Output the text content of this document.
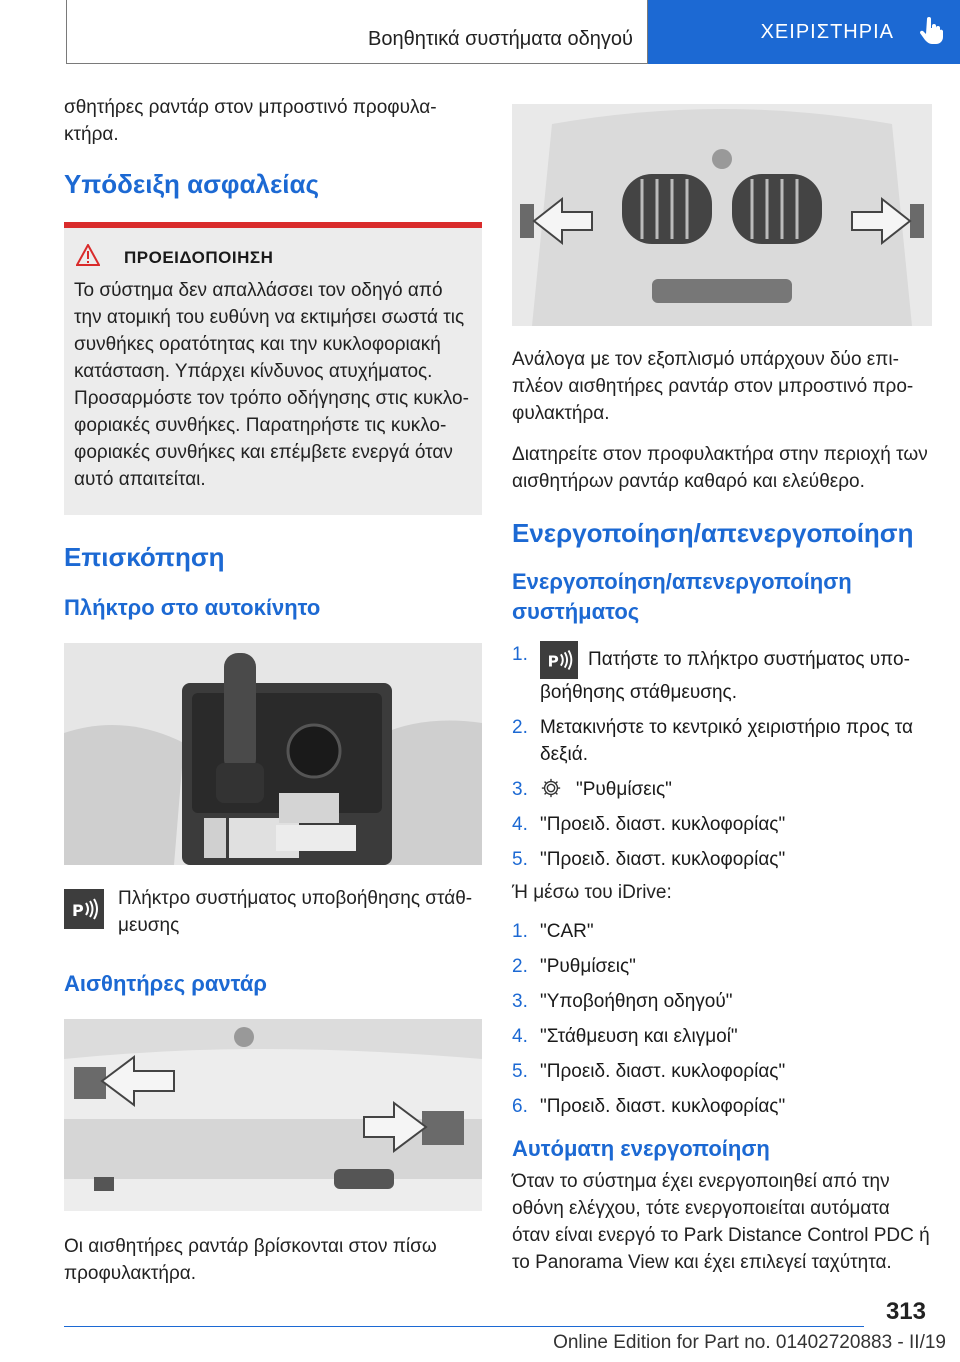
Βοηθητικά συστήματα οδηγού	ΧΕΙΡΙΣΤΗΡΙΑ

σθητήρες ραντάρ στον μπροστινό προφυλακτήρα.

Υπόδειξη ασφαλείας
ΠΡΟΕΙΔΟΠΟΙΗΣΗ

Το σύστημα δεν απαλλάσσει τον οδηγό από την ατομική του ευθύνη να εκτιμήσει σωστά τις συνθήκες ορατότητας και την κυκλοφοριακή κατάσταση. Υπάρχει κίνδυνος ατυχήματος. Προσαρμόστε τον τρόπο οδήγησης στις κυκλοφοριακές συνθήκες. Παρατηρήστε τις κυκλοφοριακές συνθήκες και επέμβετε ενεργά όταν αυτό απαιτείται.

Επισκόπηση
Πλήκτρο στο αυτοκίνητο
P

Πλήκτρο συστήματος υποβοήθησης στάθμευσης

Αισθητήρες ραντάρ

Οι αισθητήρες ραντάρ βρίσκονται στον πίσω προφυλακτήρα.

Ανάλογα με τον εξοπλισμό υπάρχουν δύο επιπλέον αισθητήρες ραντάρ στον μπροστινό προφυλακτήρα.

Διατηρείτε στον προφυλακτήρα στην περιοχή των αισθητήρων ραντάρ καθαρό και ελεύθερο.

Ενεργοποίηση/απενεργοποίηση
Ενεργοποίηση/απενεργοποίηση συστήματος
1.	P Πατήστε το πλήκτρο συστήματος υποβοήθησης στάθμευσης.
2. Μετακινήστε το κεντρικό χειριστήριο προς τα δεξιά.
3.	"Ρυθμίσεις"
4. "Προειδ. διαστ. κυκλοφορίας"
5. "Προειδ. διαστ. κυκλοφορίας"

Ή μέσω του iDrive:

1. "CAR"
2. "Ρυθμίσεις"
3. "Υποβοήθηση οδηγού"
4. "Στάθμευση και ελιγμοί"
5. "Προειδ. διαστ. κυκλοφορίας"
6. "Προειδ. διαστ. κυκλοφορίας"
Αυτόματη ενεργοποίηση

Όταν το σύστημα έχει ενεργοποιηθεί από την οθόνη ελέγχου, τότε ενεργοποιείται αυτόματα όταν είναι ενεργό το Park Distance Control PDC ή το Panorama View και έχει επιλεγεί ταχύτητα.

313
Online Edition for Part no. 01402720883 - II/19
